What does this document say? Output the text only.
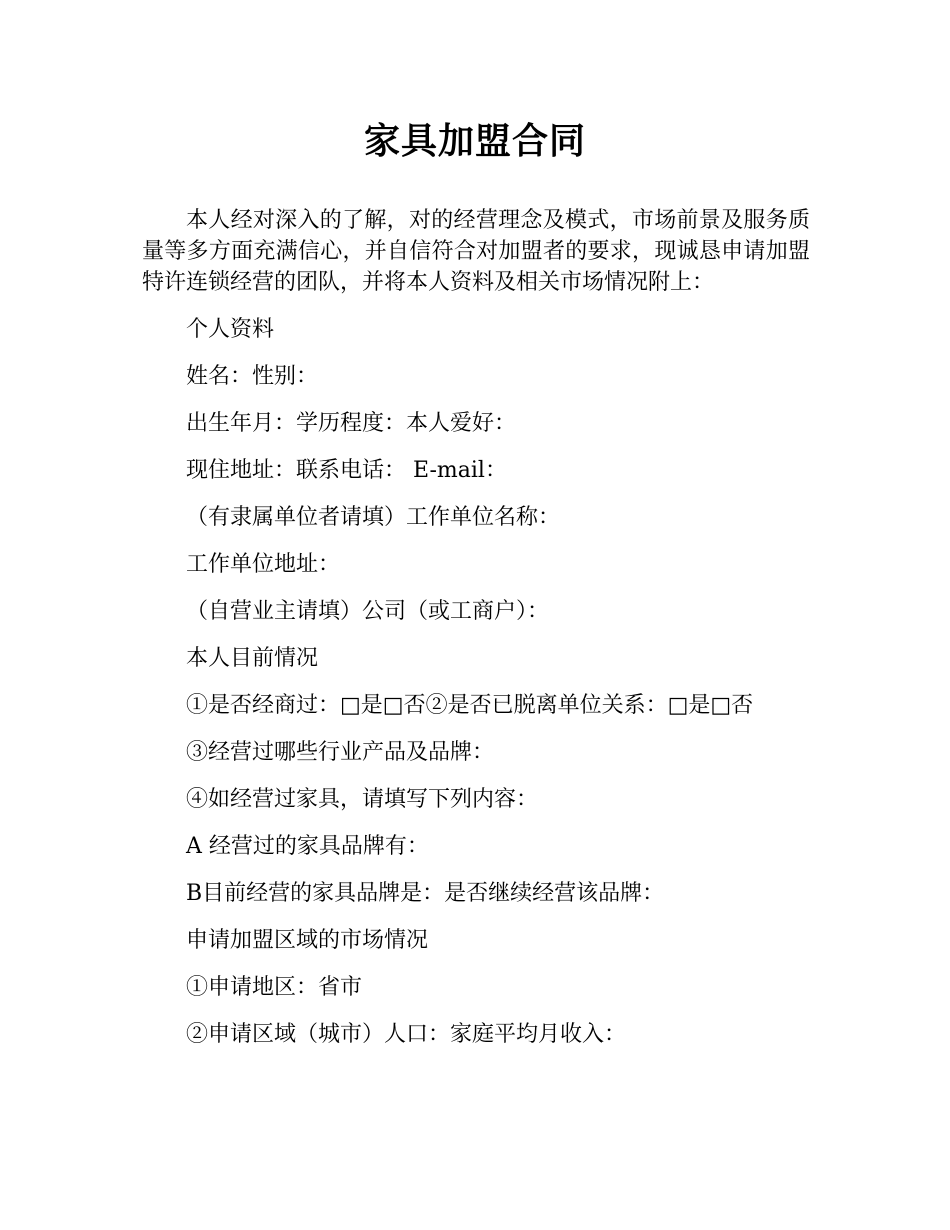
家具加盟合同

本人经对深入的了解，对的经营理念及模式，市场前景及服务质量等多方面充满信心，并自信符合对加盟者的要求，现诚恳申请加盟特许连锁经营的团队，并将本人资料及相关市场情况附上：

个人资料

姓名：性别：

出生年月：学历程度：本人爱好：

现住地址：联系电话： E-mail：

（有隶属单位者请填）工作单位名称：

工作单位地址：

（自营业主请填）公司（或工商户）：

本人目前情况

①是否经商过：□是□否②是否已脱离单位关系：□是□否

③经营过哪些行业产品及品牌：

④如经营过家具，请填写下列内容：

A 经营过的家具品牌有：

B目前经营的家具品牌是：是否继续经营该品牌：

申请加盟区域的市场情况

①申请地区：省市

②申请区域（城市）人口：家庭平均月收入：
